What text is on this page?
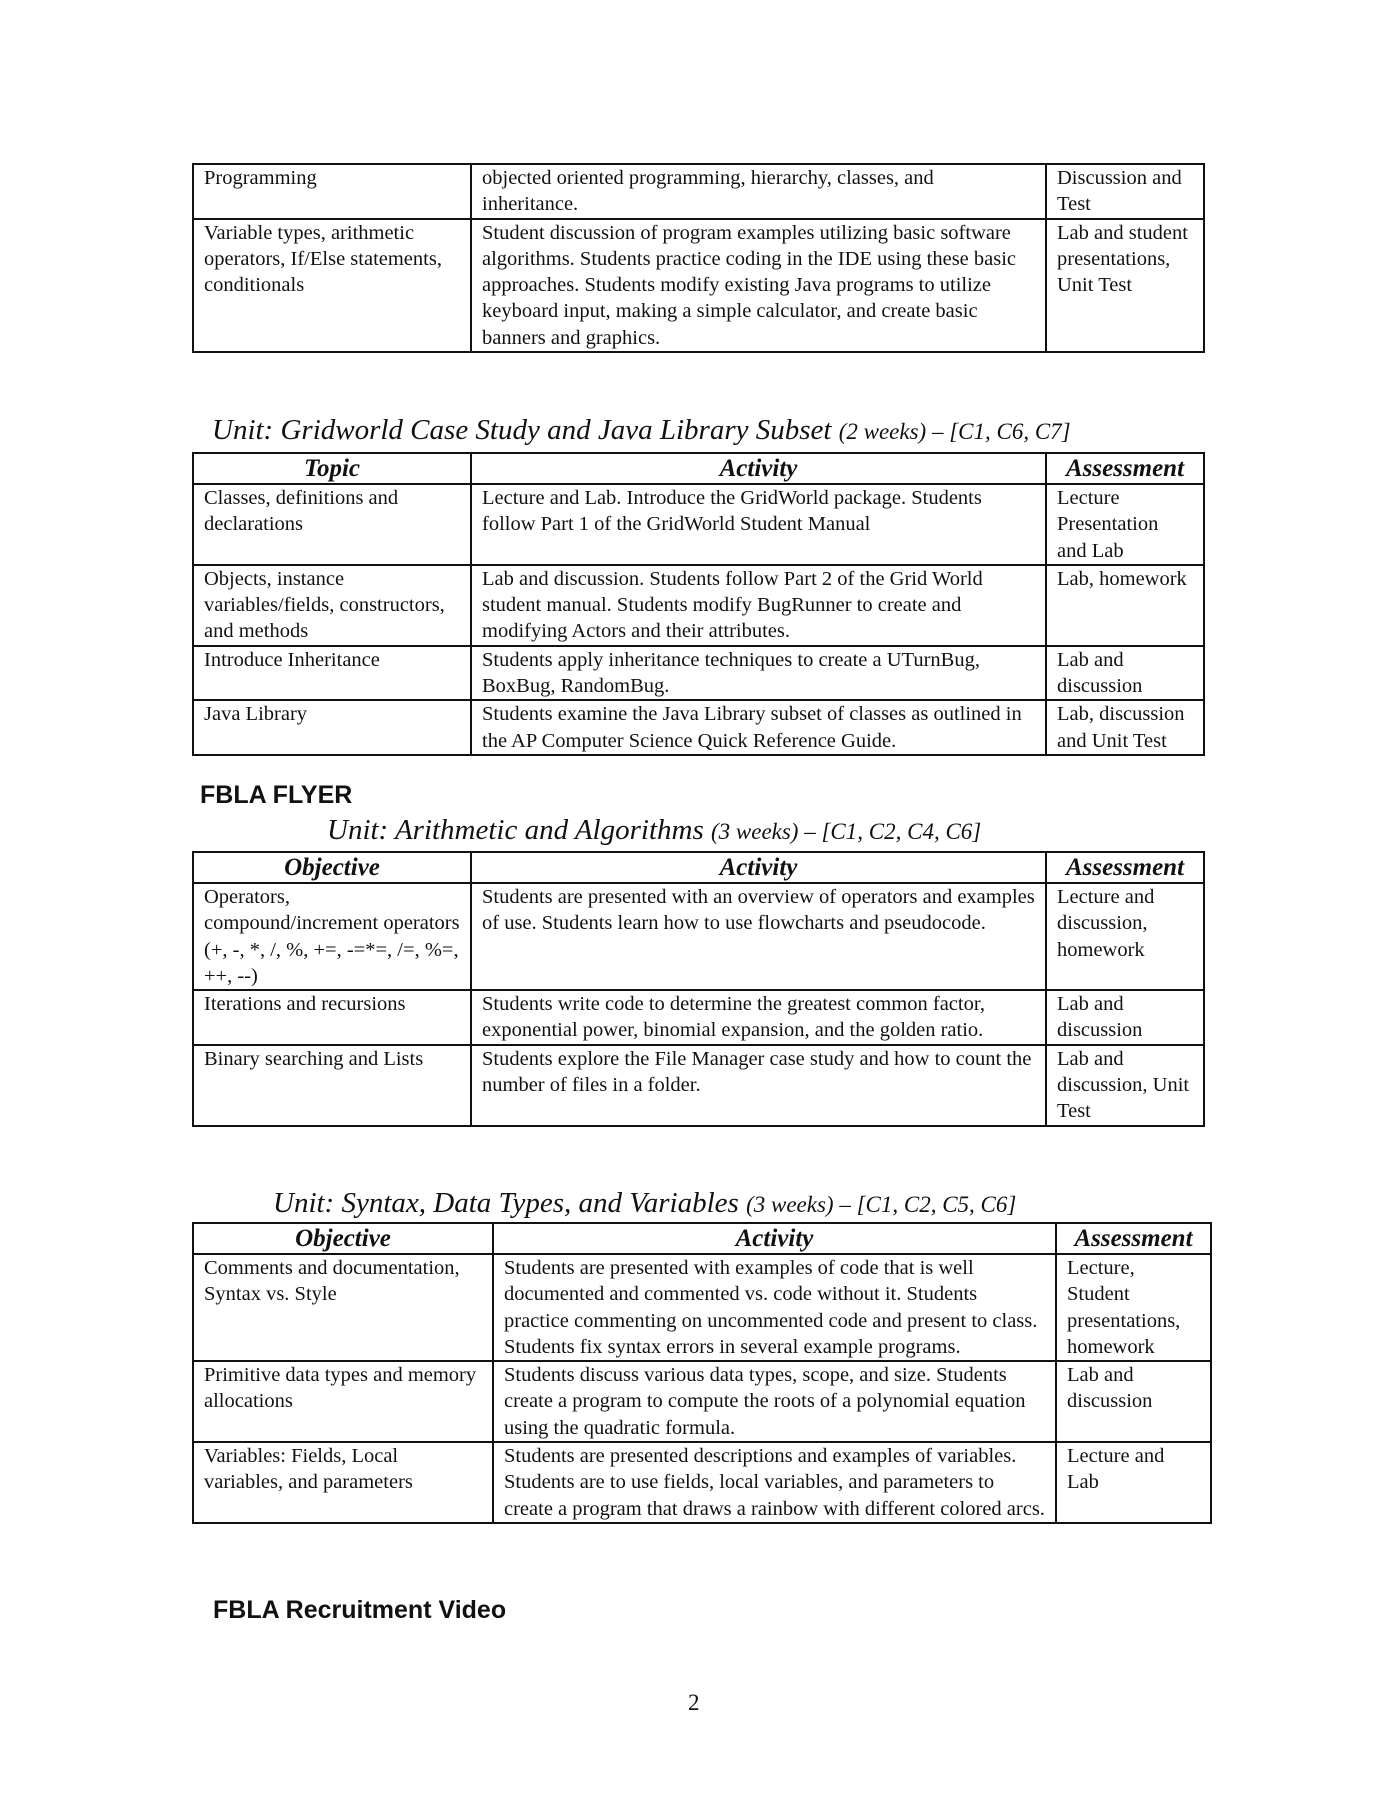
Programming	objected oriented programming, hierarchy, classes, and inheritance.	Discussion and Test
Variable types, arithmetic operators, If/Else statements, conditionals	Student discussion of program examples utilizing basic software algorithms. Students practice coding in the IDE using these basic approaches. Students modify existing Java programs to utilize keyboard input, making a simple calculator, and create basic banners and graphics.	Lab and student presentations, Unit Test
Unit: Gridworld Case Study and Java Library Subset (2 weeks) – [C1, C6, C7]
Topic	Activity	Assessment
Classes, definitions and declarations	Lecture and Lab. Introduce the GridWorld package. Students follow Part 1 of the GridWorld Student Manual	Lecture Presentation and Lab
Objects, instance variables/fields, constructors, and methods	Lab and discussion. Students follow Part 2 of the Grid World student manual. Students modify BugRunner to create and modifying Actors and their attributes.	Lab, homework
Introduce Inheritance	Students apply inheritance techniques to create a UTurnBug, BoxBug, RandomBug.	Lab and discussion
Java Library	Students examine the Java Library subset of classes as outlined in the AP Computer Science Quick Reference Guide.	Lab, discussion and Unit Test
FBLA FLYER
Unit: Arithmetic and Algorithms (3 weeks) – [C1, C2, C4, C6]
Objective	Activity	Assessment
Operators, compound/increment operators (+, -, *, /, %, +=, -=*=, /=, %=, ++, --)	Students are presented with an overview of operators and examples of use. Students learn how to use flowcharts and pseudocode.	Lecture and discussion, homework
Iterations and recursions	Students write code to determine the greatest common factor, exponential power, binomial expansion, and the golden ratio.	Lab and discussion
Binary searching and Lists	Students explore the File Manager case study and how to count the number of files in a folder.	Lab and discussion, Unit Test
Unit: Syntax, Data Types, and Variables (3 weeks) – [C1, C2, C5, C6]
Objective	Activity	Assessment
Comments and documentation, Syntax vs. Style	Students are presented with examples of code that is well documented and commented vs. code without it. Students practice commenting on uncommented code and present to class. Students fix syntax errors in several example programs.	Lecture, Student presentations, homework
Primitive data types and memory allocations	Students discuss various data types, scope, and size. Students create a program to compute the roots of a polynomial equation using the quadratic formula.	Lab and discussion
Variables: Fields, Local variables, and parameters	Students are presented descriptions and examples of variables. Students are to use fields, local variables, and parameters to create a program that draws a rainbow with different colored arcs.	Lecture and Lab
FBLA Recruitment Video
2
